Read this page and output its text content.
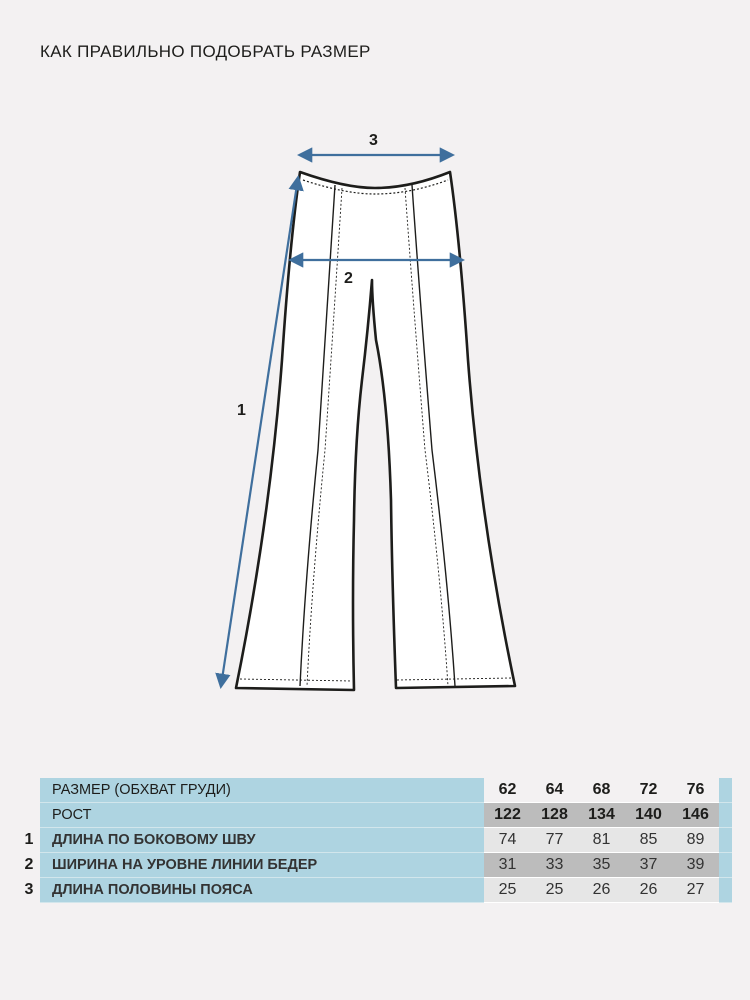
КАК ПРАВИЛЬНО ПОДОБРАТЬ РАЗМЕР
3
2
1
РАЗМЕР (ОБХВАТ ГРУДИ)	62	64	68	72	76	
РОСТ	122	128	134	140	146	
ДЛИНА ПО БОКОВОМУ ШВУ	74	77	81	85	89	
ШИРИНА НА УРОВНЕ ЛИНИИ БЕДЕР	31	33	35	37	39	
ДЛИНА ПОЛОВИНЫ ПОЯСА	25	25	26	26	27	
1
2
3
